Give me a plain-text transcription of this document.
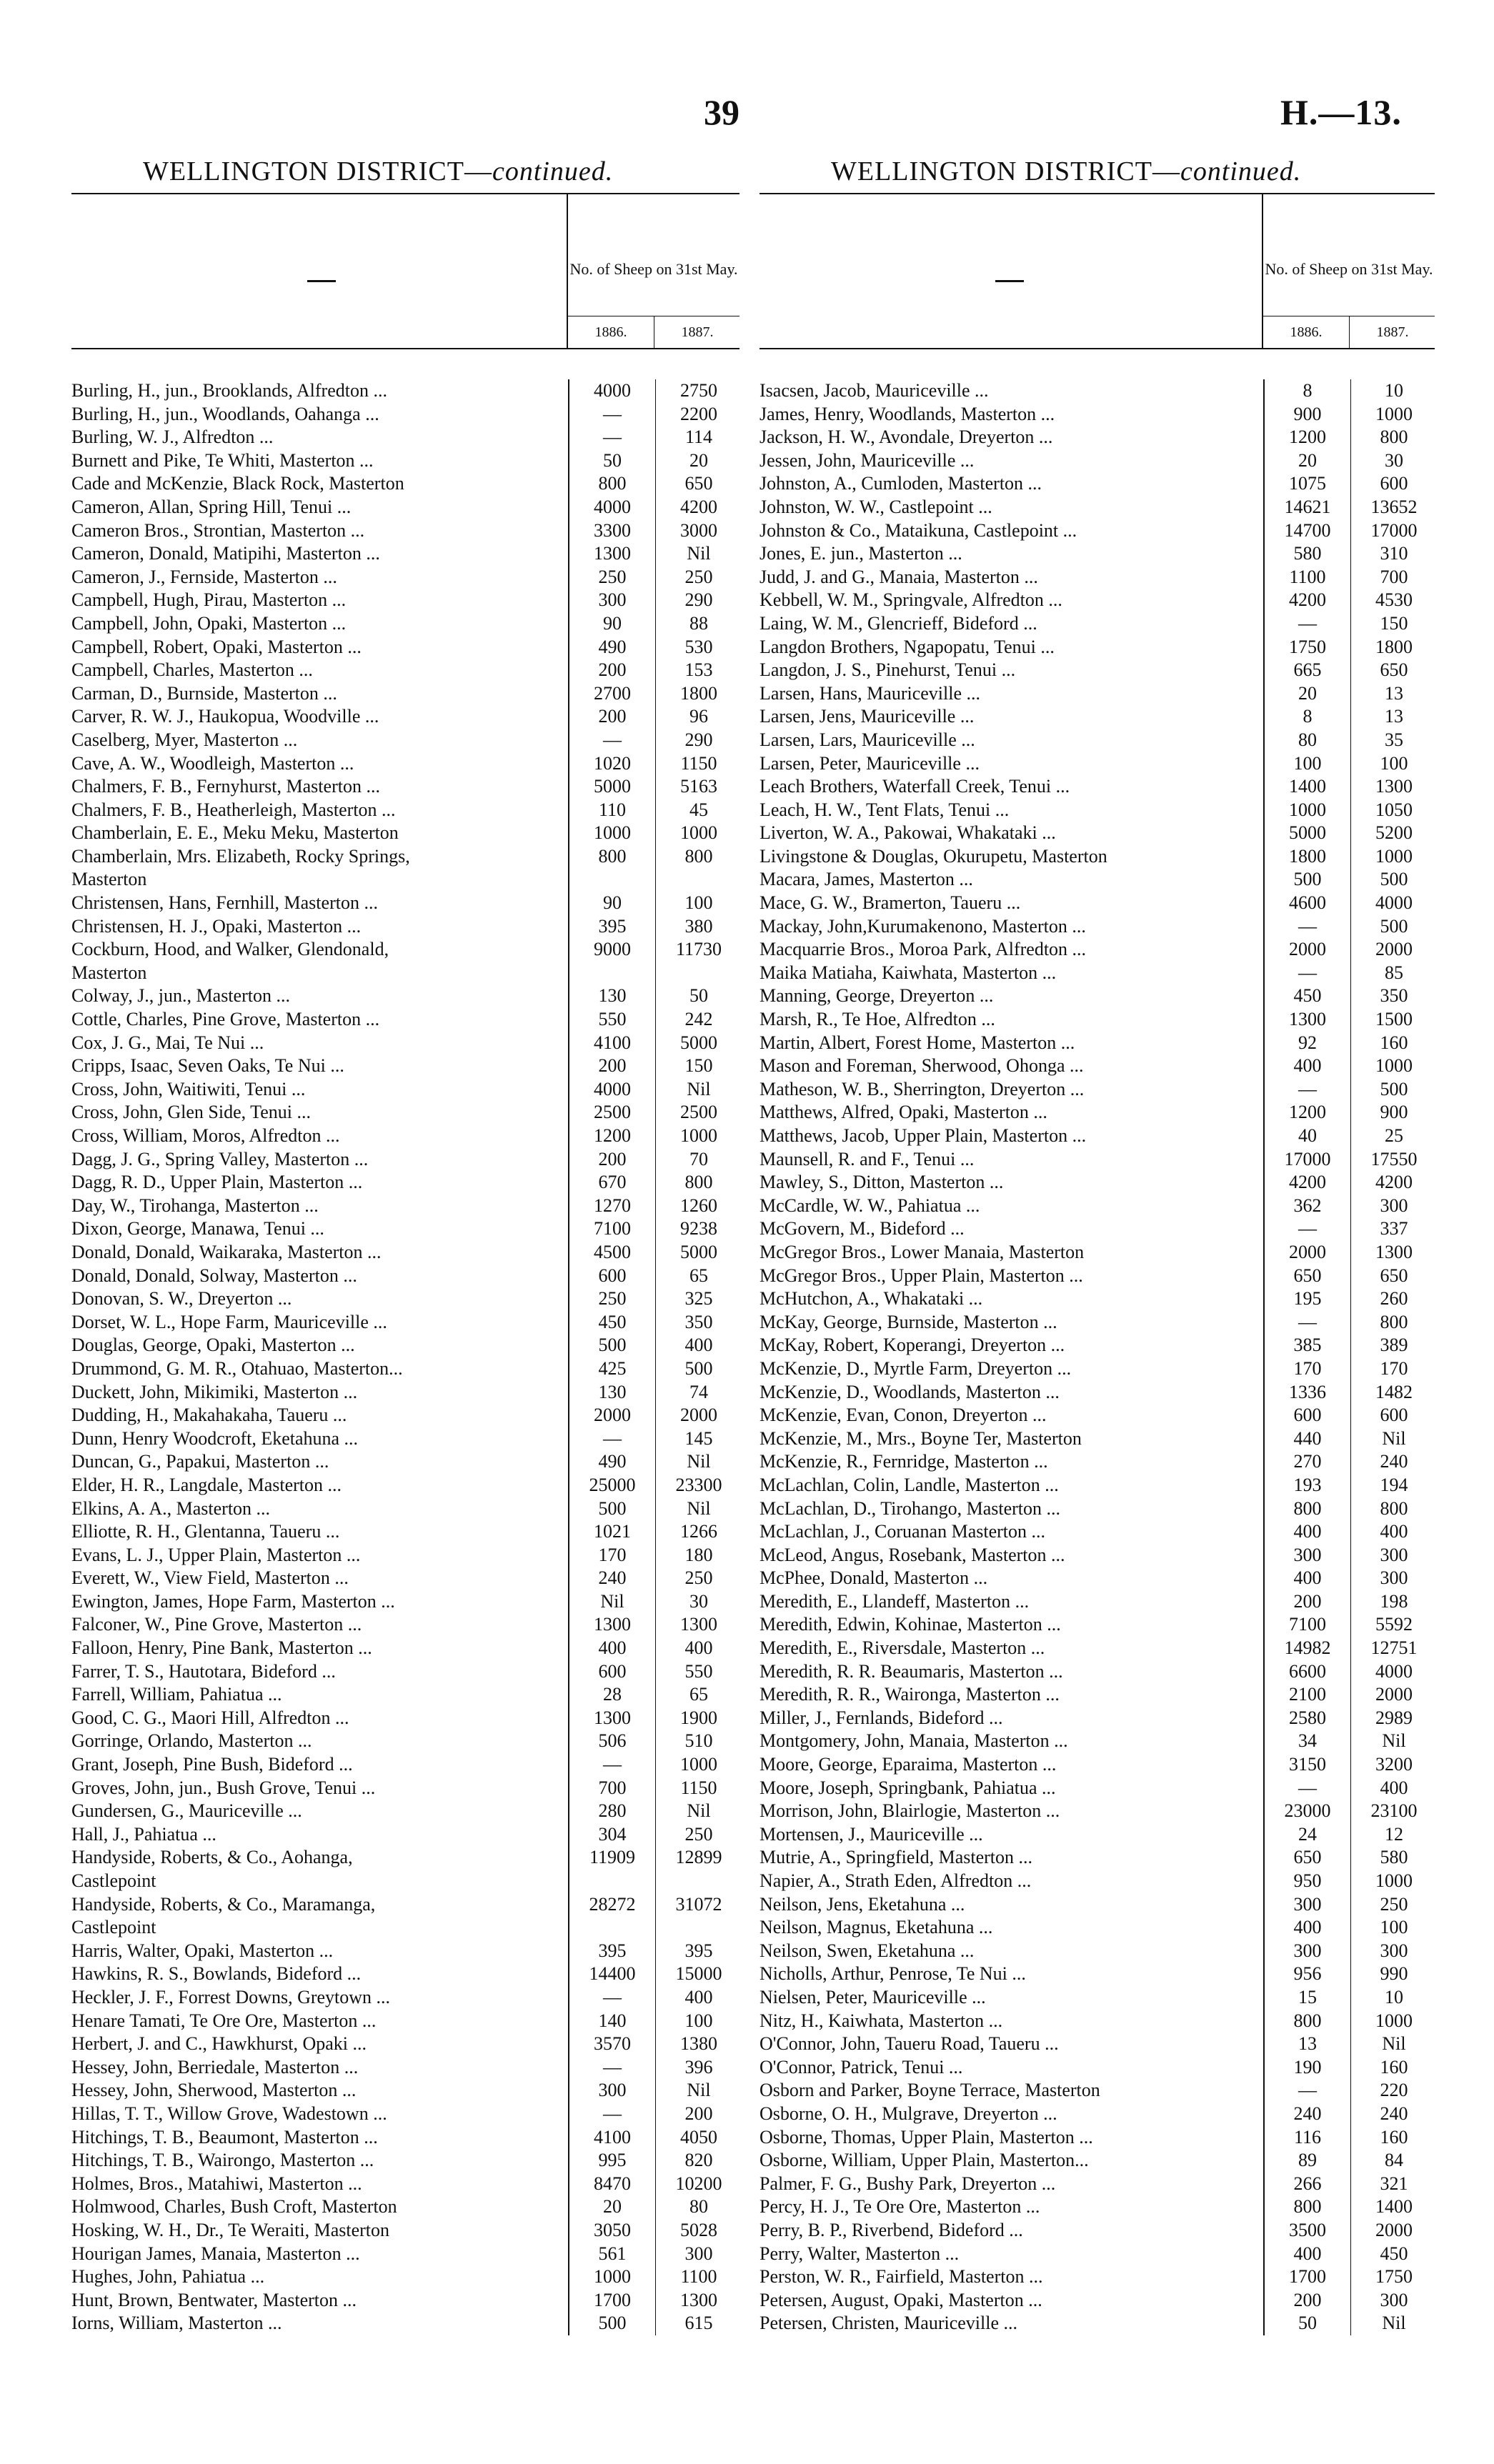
39	H.—13.
WELLINGTON DISTRICT—continued.
No. of Sheep on 31st May.
1886.	1887.
Burling, H., jun., Brooklands, Alfredton ...	4000	2750
Burling, H., jun., Woodlands, Oahanga ...	—	2200
Burling, W. J., Alfredton ...	—	114
Burnett and Pike, Te Whiti, Masterton ...	50	20
Cade and McKenzie, Black Rock, Masterton	800	650
Cameron, Allan, Spring Hill, Tenui ...	4000	4200
Cameron Bros., Strontian, Masterton ...	3300	3000
Cameron, Donald, Matipihi, Masterton ...	1300	Nil
Cameron, J., Fernside, Masterton ...	250	250
Campbell, Hugh, Pirau, Masterton ...	300	290
Campbell, John, Opaki, Masterton ...	90	88
Campbell, Robert, Opaki, Masterton ...	490	530
Campbell, Charles, Masterton ...	200	153
Carman, D., Burnside, Masterton ...	2700	1800
Carver, R. W. J., Haukopua, Woodville ...	200	96
Caselberg, Myer, Masterton ...	—	290
Cave, A. W., Woodleigh, Masterton ...	1020	1150
Chalmers, F. B., Fernyhurst, Masterton ...	5000	5163
Chalmers, F. B., Heatherleigh, Masterton ...	110	45
Chamberlain, E. E., Meku Meku, Masterton	1000	1000
Chamberlain, Mrs. Elizabeth, Rocky Springs,	800	800
Masterton
Christensen, Hans, Fernhill, Masterton ...	90	100
Christensen, H. J., Opaki, Masterton ...	395	380
Cockburn, Hood, and Walker, Glendonald,	9000	11730
Masterton
Colway, J., jun., Masterton ...	130	50
Cottle, Charles, Pine Grove, Masterton ...	550	242
Cox, J. G., Mai, Te Nui ...	4100	5000
Cripps, Isaac, Seven Oaks, Te Nui ...	200	150
Cross, John, Waitiwiti, Tenui ...	4000	Nil
Cross, John, Glen Side, Tenui ...	2500	2500
Cross, William, Moros, Alfredton ...	1200	1000
Dagg, J. G., Spring Valley, Masterton ...	200	70
Dagg, R. D., Upper Plain, Masterton ...	670	800
Day, W., Tirohanga, Masterton ...	1270	1260
Dixon, George, Manawa, Tenui ...	7100	9238
Donald, Donald, Waikaraka, Masterton ...	4500	5000
Donald, Donald, Solway, Masterton ...	600	65
Donovan, S. W., Dreyerton ...	250	325
Dorset, W. L., Hope Farm, Mauriceville ...	450	350
Douglas, George, Opaki, Masterton ...	500	400
Drummond, G. M. R., Otahuao, Masterton...	425	500
Duckett, John, Mikimiki, Masterton ...	130	74
Dudding, H., Makahakaha, Taueru ...	2000	2000
Dunn, Henry Woodcroft, Eketahuna ...	—	145
Duncan, G., Papakui, Masterton ...	490	Nil
Elder, H. R., Langdale, Masterton ...	25000	23300
Elkins, A. A., Masterton ...	500	Nil
Elliotte, R. H., Glentanna, Taueru ...	1021	1266
Evans, L. J., Upper Plain, Masterton ...	170	180
Everett, W., View Field, Masterton ...	240	250
Ewington, James, Hope Farm, Masterton ...	Nil	30
Falconer, W., Pine Grove, Masterton ...	1300	1300
Falloon, Henry, Pine Bank, Masterton ...	400	400
Farrer, T. S., Hautotara, Bideford ...	600	550
Farrell, William, Pahiatua ...	28	65
Good, C. G., Maori Hill, Alfredton ...	1300	1900
Gorringe, Orlando, Masterton ...	506	510
Grant, Joseph, Pine Bush, Bideford ...	—	1000
Groves, John, jun., Bush Grove, Tenui ...	700	1150
Gundersen, G., Mauriceville ...	280	Nil
Hall, J., Pahiatua ...	304	250
Handyside, Roberts, & Co., Aohanga,	11909	12899
Castlepoint
Handyside, Roberts, & Co., Maramanga,	28272	31072
Castlepoint
Harris, Walter, Opaki, Masterton ...	395	395
Hawkins, R. S., Bowlands, Bideford ...	14400	15000
Heckler, J. F., Forrest Downs, Greytown ...	—	400
Henare Tamati, Te Ore Ore, Masterton ...	140	100
Herbert, J. and C., Hawkhurst, Opaki ...	3570	1380
Hessey, John, Berriedale, Masterton ...	—	396
Hessey, John, Sherwood, Masterton ...	300	Nil
Hillas, T. T., Willow Grove, Wadestown ...	—	200
Hitchings, T. B., Beaumont, Masterton ...	4100	4050
Hitchings, T. B., Wairongo, Masterton ...	995	820
Holmes, Bros., Matahiwi, Masterton ...	8470	10200
Holmwood, Charles, Bush Croft, Masterton	20	80
Hosking, W. H., Dr., Te Weraiti, Masterton	3050	5028
Hourigan James, Manaia, Masterton ...	561	300
Hughes, John, Pahiatua ...	1000	1100
Hunt, Brown, Bentwater, Masterton ...	1700	1300
Iorns, William, Masterton ...	500	615
WELLINGTON DISTRICT—continued.
No. of Sheep on 31st May.
1886.	1887.
Isacsen, Jacob, Mauriceville ...	8	10
James, Henry, Woodlands, Masterton ...	900	1000
Jackson, H. W., Avondale, Dreyerton ...	1200	800
Jessen, John, Mauriceville ...	20	30
Johnston, A., Cumloden, Masterton ...	1075	600
Johnston, W. W., Castlepoint ...	14621	13652
Johnston & Co., Mataikuna, Castlepoint ...	14700	17000
Jones, E. jun., Masterton ...	580	310
Judd, J. and G., Manaia, Masterton ...	1100	700
Kebbell, W. M., Springvale, Alfredton ...	4200	4530
Laing, W. M., Glencrieff, Bideford ...	—	150
Langdon Brothers, Ngapopatu, Tenui ...	1750	1800
Langdon, J. S., Pinehurst, Tenui ...	665	650
Larsen, Hans, Mauriceville ...	20	13
Larsen, Jens, Mauriceville ...	8	13
Larsen, Lars, Mauriceville ...	80	35
Larsen, Peter, Mauriceville ...	100	100
Leach Brothers, Waterfall Creek, Tenui ...	1400	1300
Leach, H. W., Tent Flats, Tenui ...	1000	1050
Liverton, W. A., Pakowai, Whakataki ...	5000	5200
Livingstone & Douglas, Okurupetu, Masterton	1800	1000
Macara, James, Masterton ...	500	500
Mace, G. W., Bramerton, Taueru ...	4600	4000
Mackay, John,Kurumakenono, Masterton ...	—	500
Macquarrie Bros., Moroa Park, Alfredton ...	2000	2000
Maika Matiaha, Kaiwhata, Masterton ...	—	85
Manning, George, Dreyerton ...	450	350
Marsh, R., Te Hoe, Alfredton ...	1300	1500
Martin, Albert, Forest Home, Masterton ...	92	160
Mason and Foreman, Sherwood, Ohonga ...	400	1000
Matheson, W. B., Sherrington, Dreyerton ...	—	500
Matthews, Alfred, Opaki, Masterton ...	1200	900
Matthews, Jacob, Upper Plain, Masterton ...	40	25
Maunsell, R. and F., Tenui ...	17000	17550
Mawley, S., Ditton, Masterton ...	4200	4200
McCardle, W. W., Pahiatua ...	362	300
McGovern, M., Bideford ...	—	337
McGregor Bros., Lower Manaia, Masterton	2000	1300
McGregor Bros., Upper Plain, Masterton ...	650	650
McHutchon, A., Whakataki ...	195	260
McKay, George, Burnside, Masterton ...	—	800
McKay, Robert, Koperangi, Dreyerton ...	385	389
McKenzie, D., Myrtle Farm, Dreyerton ...	170	170
McKenzie, D., Woodlands, Masterton ...	1336	1482
McKenzie, Evan, Conon, Dreyerton ...	600	600
McKenzie, M., Mrs., Boyne Ter, Masterton	440	Nil
McKenzie, R., Fernridge, Masterton ...	270	240
McLachlan, Colin, Landle, Masterton ...	193	194
McLachlan, D., Tirohango, Masterton ...	800	800
McLachlan, J., Coruanan Masterton ...	400	400
McLeod, Angus, Rosebank, Masterton ...	300	300
McPhee, Donald, Masterton ...	400	300
Meredith, E., Llandeff, Masterton ...	200	198
Meredith, Edwin, Kohinae, Masterton ...	7100	5592
Meredith, E., Riversdale, Masterton ...	14982	12751
Meredith, R. R. Beaumaris, Masterton ...	6600	4000
Meredith, R. R., Waironga, Masterton ...	2100	2000
Miller, J., Fernlands, Bideford ...	2580	2989
Montgomery, John, Manaia, Masterton ...	34	Nil
Moore, George, Eparaima, Masterton ...	3150	3200
Moore, Joseph, Springbank, Pahiatua ...	—	400
Morrison, John, Blairlogie, Masterton ...	23000	23100
Mortensen, J., Mauriceville ...	24	12
Mutrie, A., Springfield, Masterton ...	650	580
Napier, A., Strath Eden, Alfredton ...	950	1000
Neilson, Jens, Eketahuna ...	300	250
Neilson, Magnus, Eketahuna ...	400	100
Neilson, Swen, Eketahuna ...	300	300
Nicholls, Arthur, Penrose, Te Nui ...	956	990
Nielsen, Peter, Mauriceville ...	15	10
Nitz, H., Kaiwhata, Masterton ...	800	1000
O'Connor, John, Taueru Road, Taueru ...	13	Nil
O'Connor, Patrick, Tenui ...	190	160
Osborn and Parker, Boyne Terrace, Masterton	—	220
Osborne, O. H., Mulgrave, Dreyerton ...	240	240
Osborne, Thomas, Upper Plain, Masterton ...	116	160
Osborne, William, Upper Plain, Masterton...	89	84
Palmer, F. G., Bushy Park, Dreyerton ...	266	321
Percy, H. J., Te Ore Ore, Masterton ...	800	1400
Perry, B. P., Riverbend, Bideford ...	3500	2000
Perry, Walter, Masterton ...	400	450
Perston, W. R., Fairfield, Masterton ...	1700	1750
Petersen, August, Opaki, Masterton ...	200	300
Petersen, Christen, Mauriceville ...	50	Nil
